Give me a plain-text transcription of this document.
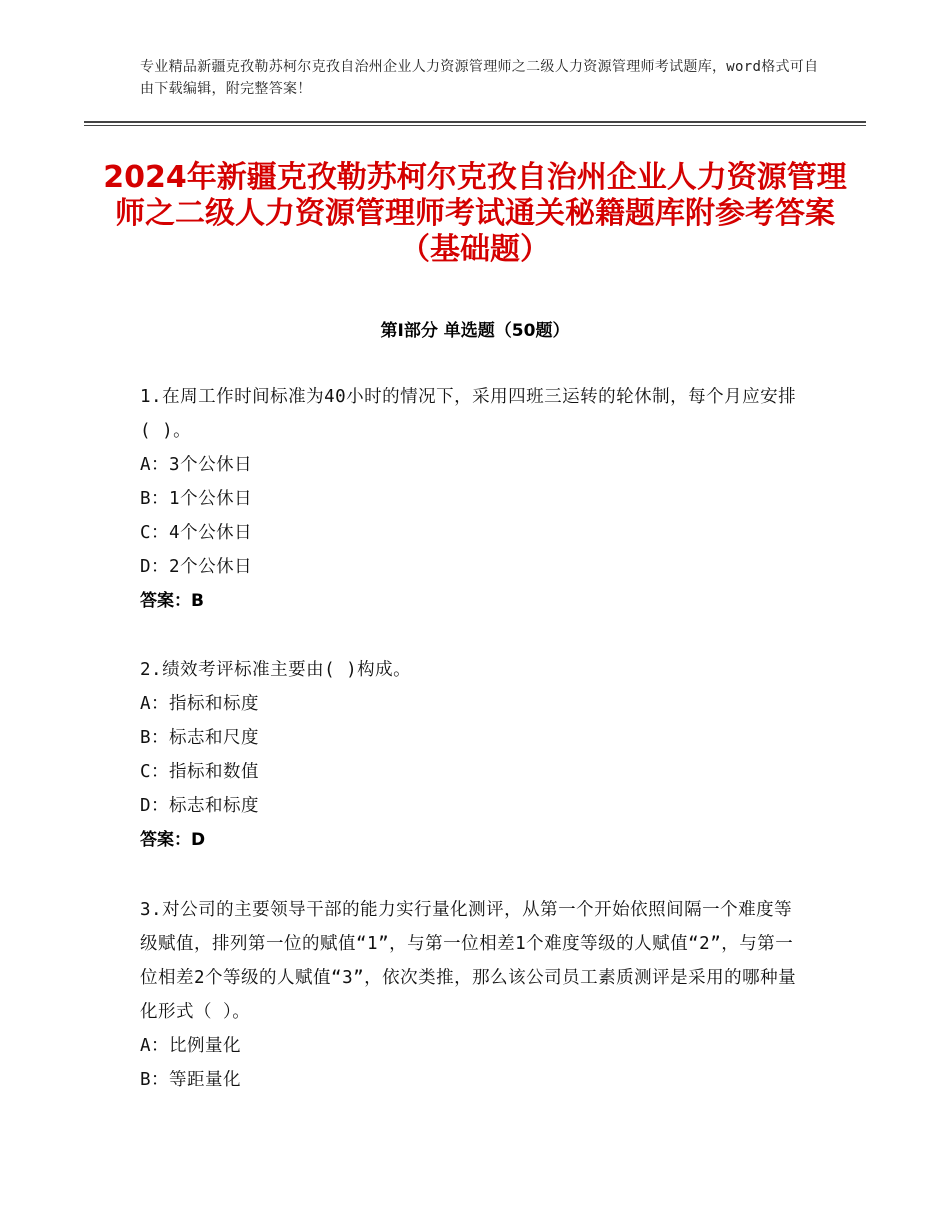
专业精品新疆克孜勒苏柯尔克孜自治州企业人力资源管理师之二级人力资源管理师考试题库，word格式可自由下载编辑，附完整答案！
2024年新疆克孜勒苏柯尔克孜自治州企业人力资源管理师之二级人力资源管理师考试通关秘籍题库附参考答案（基础题）
第Ⅰ部分 单选题（50题）
1.在周工作时间标准为40小时的情况下，采用四班三运转的轮休制，每个月应安排( )。
A：3个公休日
B：1个公休日
C：4个公休日
D：2个公休日
答案：B
2.绩效考评标准主要由( )构成。
A：指标和标度
B：标志和尺度
C：指标和数值
D：标志和标度
答案：D
3.对公司的主要领导干部的能力实行量化测评，从第一个开始依照间隔一个难度等级赋值，排列第一位的赋值“1”，与第一位相差1个难度等级的人赋值“2”，与第一位相差2个等级的人赋值“3”，依次类推，那么该公司员工素质测评是采用的哪种量化形式（ ）。
A：比例量化
B：等距量化
